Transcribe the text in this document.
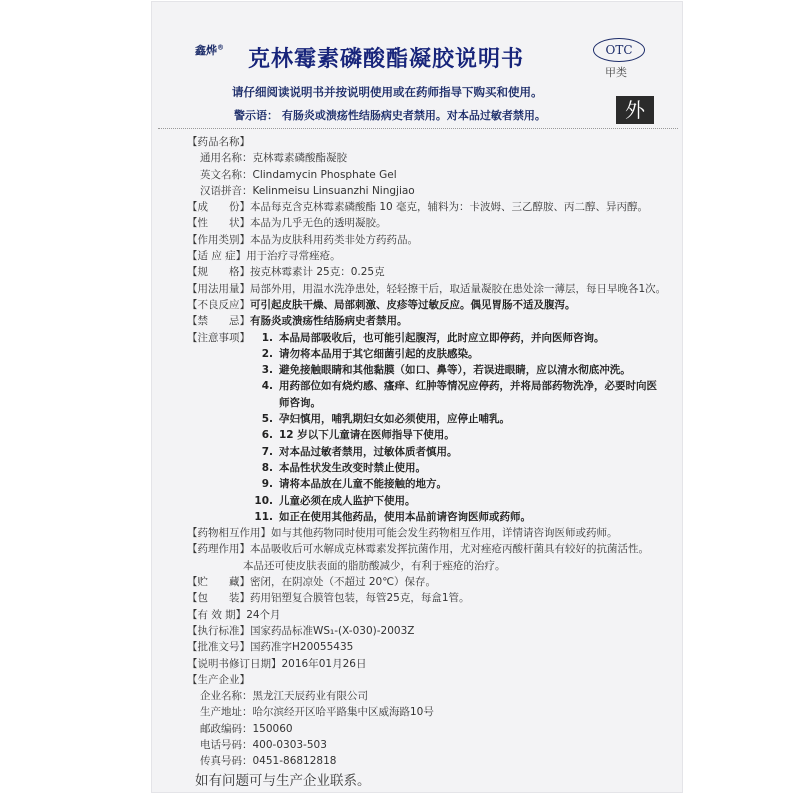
鑫烨® 克林霉素磷酸酯凝胶说明书	OTC
甲类
外
请仔细阅读说明书并按说明使用或在药师指导下购买和使用。
警示语： 有肠炎或溃疡性结肠病史者禁用。对本品过敏者禁用。
【药品名称】
通用名称： 克林霉素磷酸酯凝胶
英文名称： Clindamycin Phosphate Gel
汉语拼音： Kelinmeisu Linsuanzhi Ningjiao
【成　　份】 本品每克含克林霉素磷酸酯 10 毫克，辅料为：卡波姆、三乙醇胺、丙二醇、异丙醇。
【性　　状】 本品为几乎无色的透明凝胶。
【作用类别】 本品为皮肤科用药类非处方药药品。
【适 应 症】 用于治疗寻常痤疮。
【规　　格】 按克林霉素计 25克：0.25克
【用法用量】 局部外用，用温水洗净患处，轻轻擦干后，取适量凝胶在患处涂一薄层，每日早晚各1次。
【不良反应】 可引起皮肤干燥、局部刺激、皮疹等过敏反应。偶见胃肠不适及腹泻。
【禁　　忌】 有肠炎或溃疡性结肠病史者禁用。
【注意事项】	1. 本品局部吸收后，也可能引起腹泻，此时应立即停药，并向医师咨询。
2. 请勿将本品用于其它细菌引起的皮肤感染。
3. 避免接触眼睛和其他黏膜（如口、鼻等），若误进眼睛，应以清水彻底冲洗。
4. 用药部位如有烧灼感、瘙痒、红肿等情况应停药，并将局部药物洗净，必要时向医师咨询。
5. 孕妇慎用，哺乳期妇女如必须使用，应停止哺乳。
6. 12 岁以下儿童请在医师指导下使用。
7. 对本品过敏者禁用，过敏体质者慎用。
8. 本品性状发生改变时禁止使用。
9. 请将本品放在儿童不能接触的地方。
10. 儿童必须在成人监护下使用。
11. 如正在使用其他药品，使用本品前请咨询医师或药师。
【药物相互作用】 如与其他药物同时使用可能会发生药物相互作用，详情请咨询医师或药师。
【药理作用】 本品吸收后可水解成克林霉素发挥抗菌作用，尤对痤疮丙酸杆菌具有较好的抗菌活性。
本品还可使皮肤表面的脂肪酸减少，有利于痤疮的治疗。
【贮　　藏】 密闭，在阴凉处（不超过 20℃）保存。
【包　　装】 药用铝塑复合膜管包装，每管25克，每盒1管。
【有 效 期】 24个月
【执行标准】 国家药品标准WS₁-(X-030)-2003Z
【批准文号】 国药准字H20055435
【说明书修订日期】 2016年01月26日
【生产企业】
企业名称： 黑龙江天辰药业有限公司
生产地址： 哈尔滨经开区哈平路集中区威海路10号
邮政编码： 150060
电话号码： 400-0303-503
传真号码： 0451-86812818
如有问题可与生产企业联系。
